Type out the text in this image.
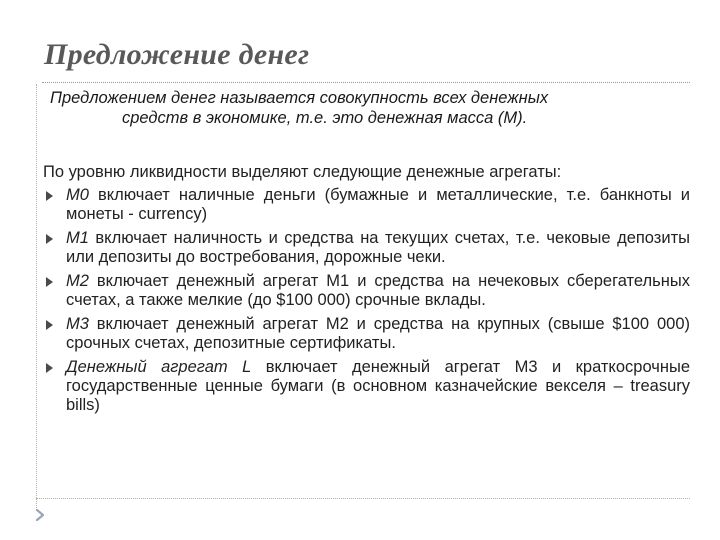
Предложение денег
Предложением денег называется совокупность всех денежных
средств в экономике, т.е. это денежная масса (М).
По уровню ликвидности выделяют следующие денежные агрегаты:
М0 включает наличные деньги (бумажные и металлические, т.е. банкноты и монеты - currency)
М1 включает наличность и средства на текущих счетах, т.е. чековые депозиты или депозиты до востребования, дорожные чеки.
М2 включает денежный агрегат М1 и средства на нечековых сберегательных счетах, а также мелкие (до $100 000) срочные вклады.
М3 включает денежный агрегат М2 и средства на крупных (свыше $100 000) срочных счетах, депозитные сертификаты.
Денежный агрегат L включает денежный агрегат М3 и краткосрочные государственные ценные бумаги (в основном казначейские векселя – treasury bills)
